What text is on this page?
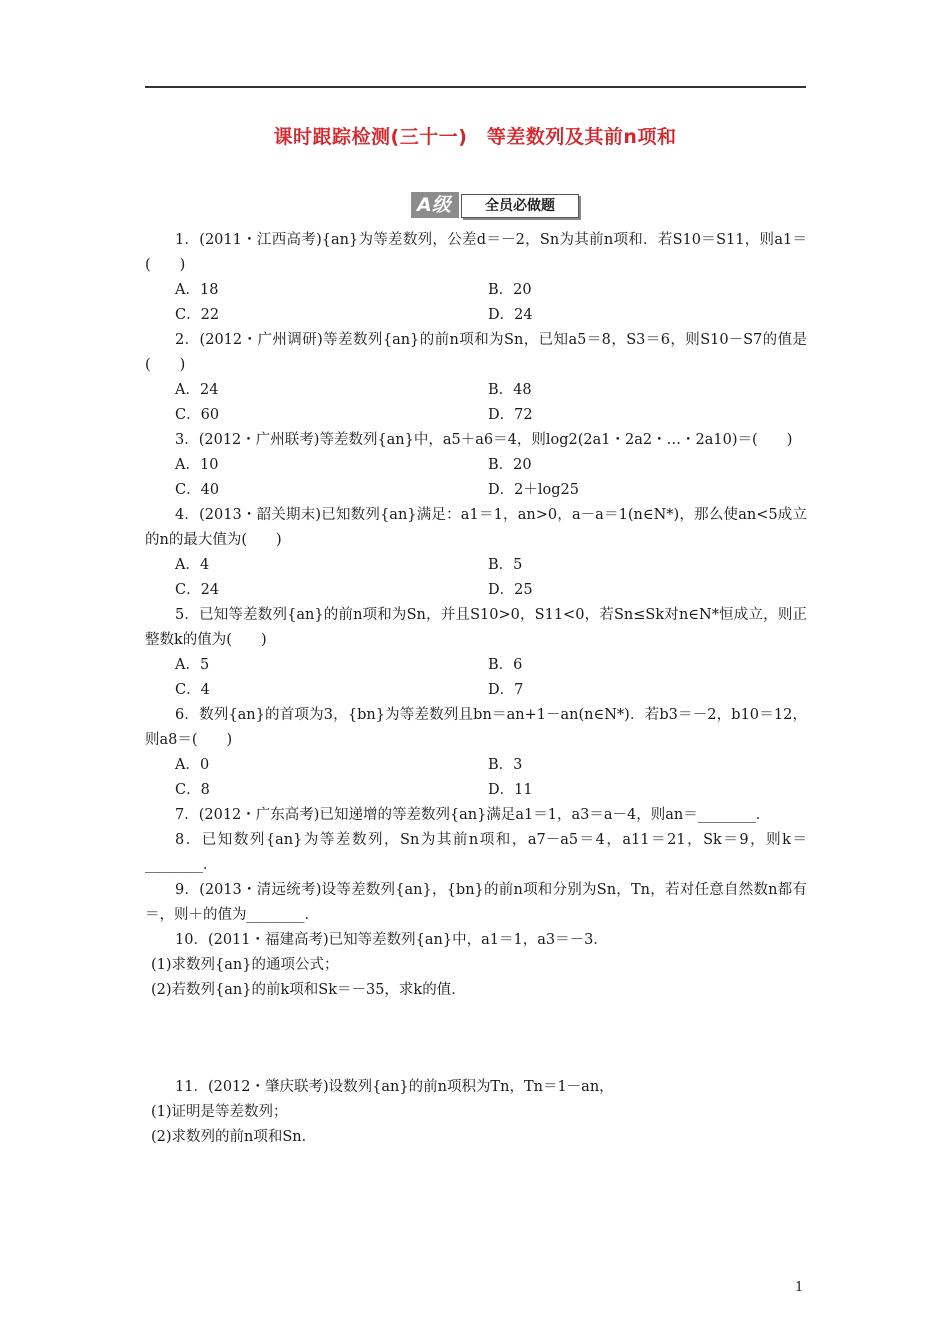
课时跟踪检测(三十一)　等差数列及其前n项和
A级	全员必做题

1．(2011・江西高考){an}为等差数列，公差d＝－2，Sn为其前n项和．若S10＝S11，则a1＝(　　)

A．18	B．20
C．22	D．24

2．(2012・广州调研)等差数列{an}的前n项和为Sn，已知a5＝8，S3＝6，则S10－S7的值是(　　)

A．24	B．48
C．60	D．72

3．(2012・广州联考)等差数列{an}中，a5＋a6＝4，则log2(2a1・2a2・…・2a10)＝(　　)

A．10	B．20
C．40	D．2＋log25

4．(2013・韶关期末)已知数列{an}满足：a1＝1，an>0，a－a＝1(n∈N*)，那么使an<5成立的n的最大值为(　　)

A．4	B．5
C．24	D．25

5．已知等差数列{an}的前n项和为Sn，并且S10>0，S11<0，若Sn≤Sk对n∈N*恒成立，则正整数k的值为(　　)

A．5	B．6
C．4	D．7

6．数列{an}的首项为3，{bn}为等差数列且bn＝an+1－an(n∈N*)．若b3＝－2，b10＝12，则a8＝(　　)

A．0	B．3
C．8	D．11

7．(2012・广东高考)已知递增的等差数列{an}满足a1＝1，a3＝a－4，则an＝________．

8．已知数列{an}为等差数列，Sn为其前n项和，a7－a5＝4，a11＝21，Sk＝9，则k＝________．

9．(2013・清远统考)设等差数列{an}，{bn}的前n项和分别为Sn，Tn，若对任意自然数n都有＝，则＋的值为________．

10．(2011・福建高考)已知等差数列{an}中，a1＝1，a3＝－3．

(1)求数列{an}的通项公式；

(2)若数列{an}的前k项和Sk＝－35，求k的值．

11．(2012・肇庆联考)设数列{an}的前n项积为Tn，Tn＝1－an，

(1)证明是等差数列；

(2)求数列的前n项和Sn．

1
